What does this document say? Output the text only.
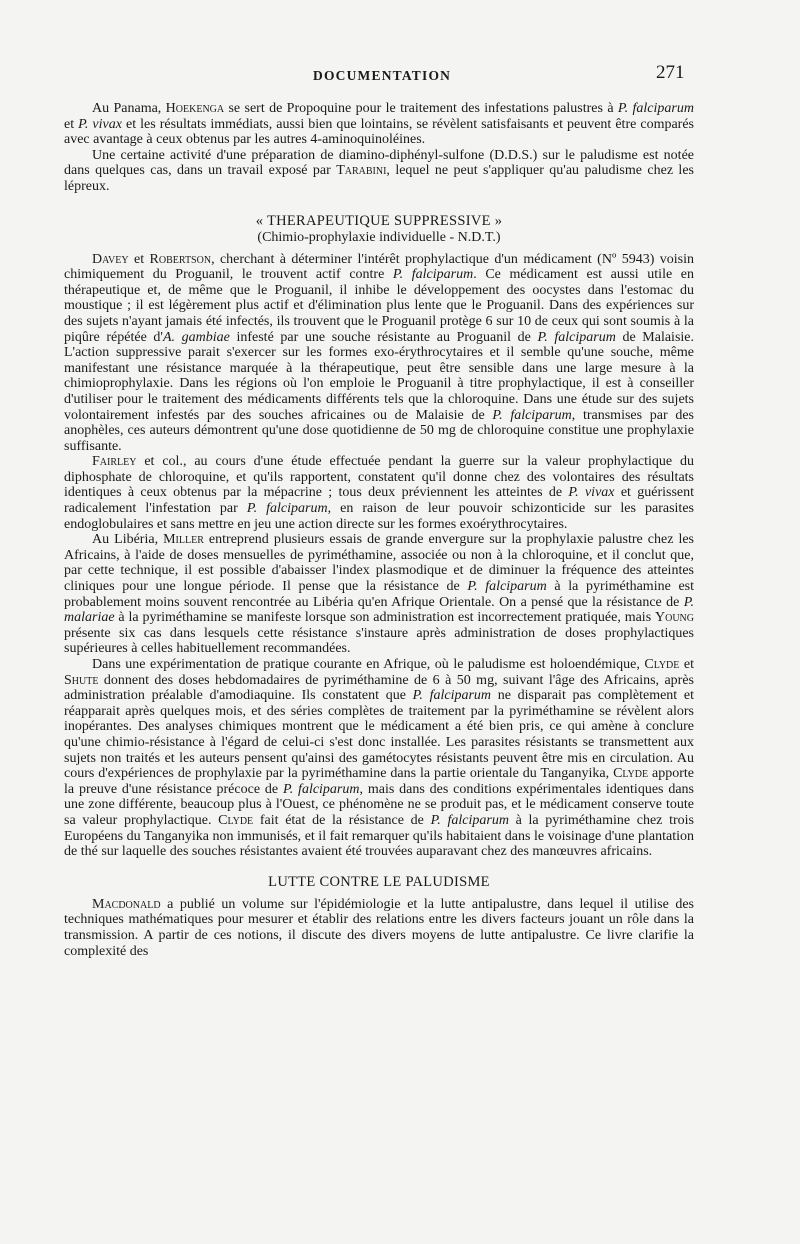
DOCUMENTATION	271

Au Panama, Hoekenga se sert de Propoquine pour le traitement des infestations palustres à P. falciparum et P. vivax et les résultats immédiats, aussi bien que lointains, se révèlent satisfaisants et peuvent être comparés avec avantage à ceux obtenus par les autres 4-aminoquinoléines.

Une certaine activité d'une préparation de diamino-diphényl-sulfone (D.D.S.) sur le paludisme est notée dans quelques cas, dans un travail exposé par Tarabini, lequel ne peut s'appliquer qu'au paludisme chez les lépreux.

« THERAPEUTIQUE SUPPRESSIVE »
(Chimio-prophylaxie individuelle - N.D.T.)

Davey et Robertson, cherchant à déterminer l'intérêt prophylactique d'un médicament (Nº 5943) voisin chimiquement du Proguanil, le trouvent actif contre P. falciparum. Ce médicament est aussi utile en thérapeutique et, de même que le Proguanil, il inhibe le développement des oocystes dans l'estomac du moustique ; il est légèrement plus actif et d'élimination plus lente que le Proguanil. Dans des expériences sur des sujets n'ayant jamais été infectés, ils trouvent que le Proguanil protège 6 sur 10 de ceux qui sont soumis à la piqûre répétée d'A. gambiae infesté par une souche résistante au Proguanil de P. falciparum de Malaisie. L'action suppressive parait s'exercer sur les formes exo-érythrocytaires et il semble qu'une souche, même manifestant une résistance marquée à la thérapeutique, peut être sensible dans une large mesure à la chimioprophylaxie. Dans les régions où l'on emploie le Proguanil à titre prophylactique, il est à conseiller d'utiliser pour le traitement des médicaments différents tels que la chloroquine. Dans une étude sur des sujets volontairement infestés par des souches africaines ou de Malaisie de P. falciparum, transmises par des anophèles, ces auteurs démontrent qu'une dose quotidienne de 50 mg de chloroquine constitue une prophylaxie suffisante.

Fairley et col., au cours d'une étude effectuée pendant la guerre sur la valeur prophylactique du diphosphate de chloroquine, et qu'ils rapportent, constatent qu'il donne chez des volontaires des résultats identiques à ceux obtenus par la mépacrine ; tous deux préviennent les atteintes de P. vivax et guérissent radicalement l'infestation par P. falciparum, en raison de leur pouvoir schizonticide sur les parasites endoglobulaires et sans mettre en jeu une action directe sur les formes exoérythrocytaires.

Au Libéria, Miller entreprend plusieurs essais de grande envergure sur la prophylaxie palustre chez les Africains, à l'aide de doses mensuelles de pyriméthamine, associée ou non à la chloroquine, et il conclut que, par cette technique, il est possible d'abaisser l'index plasmodique et de diminuer la fréquence des atteintes cliniques pour une longue période. Il pense que la résistance de P. falciparum à la pyriméthamine est probablement moins souvent rencontrée au Libéria qu'en Afrique Orientale. On a pensé que la résistance de P. malariae à la pyriméthamine se manifeste lorsque son administration est incorrectement pratiquée, mais Young présente six cas dans lesquels cette résistance s'instaure après administration de doses prophylactiques supérieures à celles habituellement recommandées.

Dans une expérimentation de pratique courante en Afrique, où le paludisme est holoendémique, Clyde et Shute donnent des doses hebdomadaires de pyriméthamine de 6 à 50 mg, suivant l'âge des Africains, après administration préalable d'amodiaquine. Ils constatent que P. falciparum ne disparait pas complètement et réapparait après quelques mois, et des séries complètes de traitement par la pyriméthamine se révèlent alors inopérantes. Des analyses chimiques montrent que le médicament a été bien pris, ce qui amène à conclure qu'une chimio-résistance à l'égard de celui-ci s'est donc installée. Les parasites résistants se transmettent aux sujets non traités et les auteurs pensent qu'ainsi des gamétocytes résistants peuvent être mis en circulation. Au cours d'expériences de prophylaxie par la pyriméthamine dans la partie orientale du Tanganyika, Clyde apporte la preuve d'une résistance précoce de P. falciparum, mais dans des conditions expérimentales identiques dans une zone différente, beaucoup plus à l'Ouest, ce phénomène ne se produit pas, et le médicament conserve toute sa valeur prophylactique. Clyde fait état de la résistance de P. falciparum à la pyriméthamine chez trois Européens du Tanganyika non immunisés, et il fait remarquer qu'ils habitaient dans le voisinage d'une plantation de thé sur laquelle des souches résistantes avaient été trouvées auparavant chez des manœuvres africains.

LUTTE CONTRE LE PALUDISME

Macdonald a publié un volume sur l'épidémiologie et la lutte antipalustre, dans lequel il utilise des techniques mathématiques pour mesurer et établir des relations entre les divers facteurs jouant un rôle dans la transmission. A partir de ces notions, il discute des divers moyens de lutte antipalustre. Ce livre clarifie la complexité des
